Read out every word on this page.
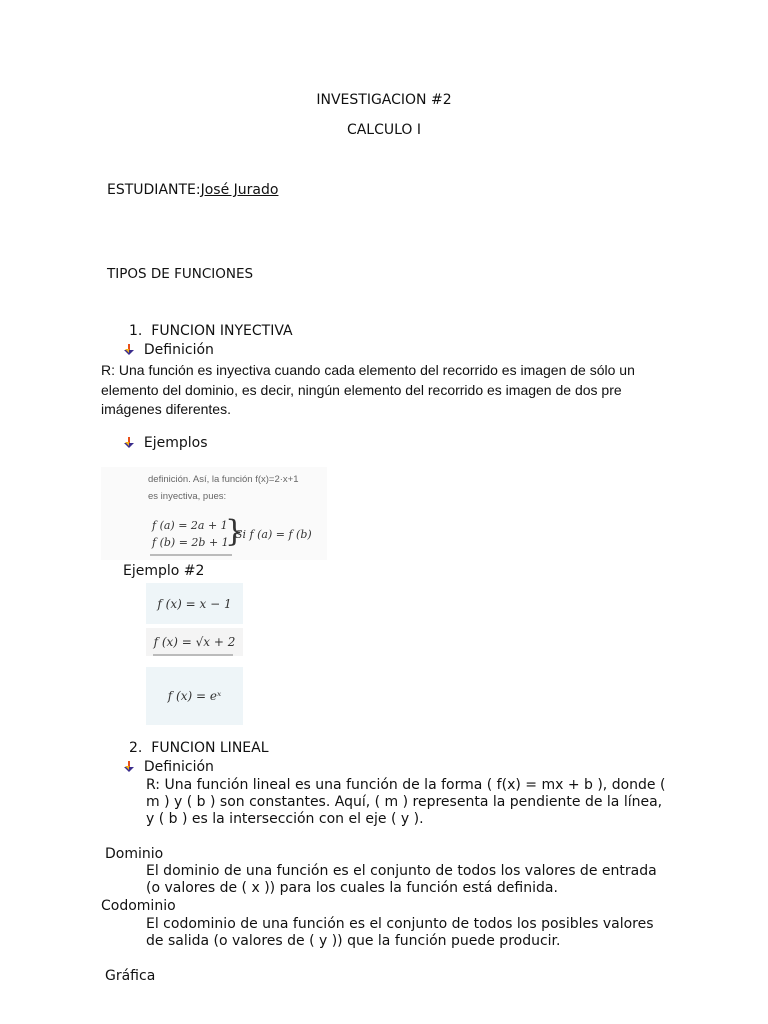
INVESTIGACION #2
CALCULO I
ESTUDIANTE:José Jurado
TIPOS DE FUNCIONES
1. FUNCION INYECTIVA
Definición
R: Una función es inyectiva cuando cada elemento del recorrido es imagen de sólo un elemento del dominio, es decir, ningún elemento del recorrido es imagen de dos pre imágenes diferentes.
Ejemplos
definición. Así, la función f(x)=2·x+1
es inyectiva, pues:
f (a) = 2a + 1
f (b) = 2b + 1
}
Si f (a) = f (b)
Ejemplo #2
f (x) = x − 1
f (x) = √x + 2
f (x) = eˣ
2. FUNCION LINEAL
Definición
R: Una función lineal es una función de la forma ( f(x) = mx + b ), donde ( m ) y ( b ) son constantes. Aquí, ( m ) representa la pendiente de la línea, y ( b ) es la intersección con el eje ( y ).
Dominio
El dominio de una función es el conjunto de todos los valores de entrada (o valores de ( x )) para los cuales la función está definida.
Codominio
El codominio de una función es el conjunto de todos los posibles valores de salida (o valores de ( y )) que la función puede producir.
Gráfica
